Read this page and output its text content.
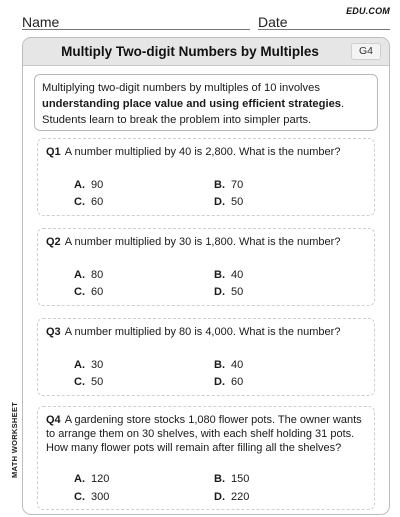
Name	Date
EDU.COM
MATH WORKSHEET
Multiply Two-digit Numbers by Multiples	G4
Multiplying two-digit numbers by multiples of 10 involves understanding place value and using efficient strategies. Students learn to break the problem into simpler parts.
Q1 A number multiplied by 40 is 2,800. What is the number?
A. 90	B. 70
C. 60	D. 50
Q2 A number multiplied by 30 is 1,800. What is the number?
A. 80	B. 40
C. 60	D. 50
Q3 A number multiplied by 80 is 4,000. What is the number?
A. 30	B. 40
C. 50	D. 60
Q4 A gardening store stocks 1,080 flower pots. The owner wants to arrange them on 30 shelves, with each shelf holding 31 pots. How many flower pots will remain after filling all the shelves?
A. 120	B. 150
C. 300	D. 220
